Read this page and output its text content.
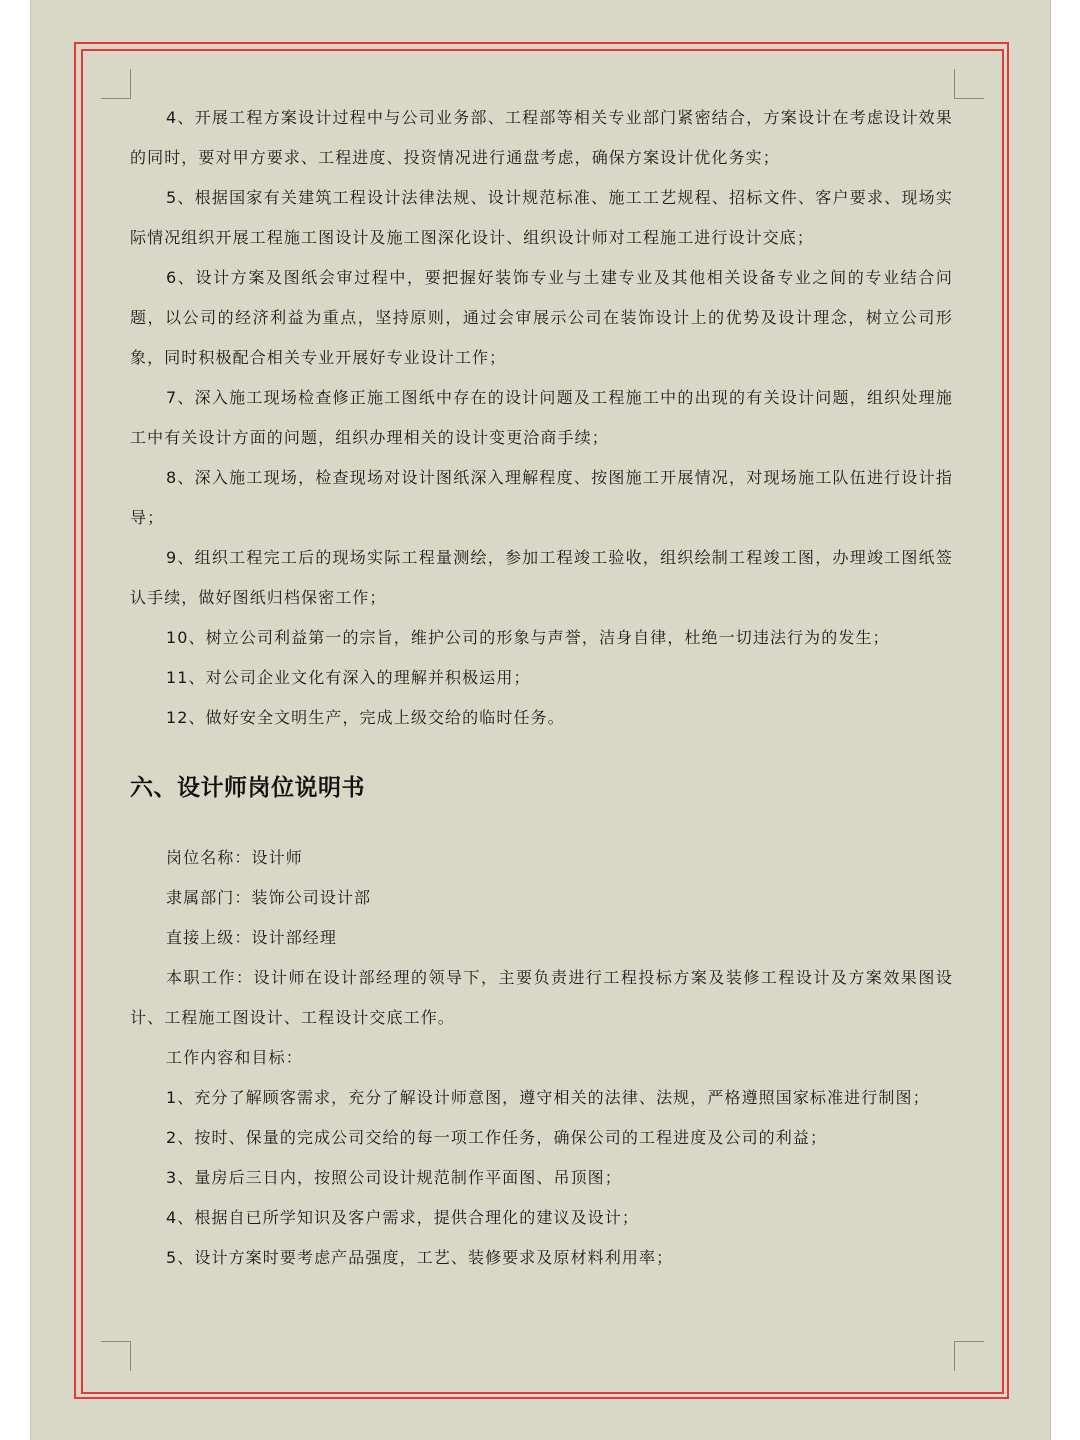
4、开展工程方案设计过程中与公司业务部、工程部等相关专业部门紧密结合，方案设计在考虑设计效果的同时，要对甲方要求、工程进度、投资情况进行通盘考虑，确保方案设计优化务实；

5、根据国家有关建筑工程设计法律法规、设计规范标准、施工工艺规程、招标文件、客户要求、现场实际情况组织开展工程施工图设计及施工图深化设计、组织设计师对工程施工进行设计交底；

6、设计方案及图纸会审过程中，要把握好装饰专业与土建专业及其他相关设备专业之间的专业结合问题，以公司的经济利益为重点，坚持原则，通过会审展示公司在装饰设计上的优势及设计理念，树立公司形象，同时积极配合相关专业开展好专业设计工作；

7、深入施工现场检查修正施工图纸中存在的设计问题及工程施工中的出现的有关设计问题，组织处理施工中有关设计方面的问题，组织办理相关的设计变更洽商手续；

8、深入施工现场，检查现场对设计图纸深入理解程度、按图施工开展情况，对现场施工队伍进行设计指导；

9、组织工程完工后的现场实际工程量测绘，参加工程竣工验收，组织绘制工程竣工图，办理竣工图纸签认手续，做好图纸归档保密工作；

10、树立公司利益第一的宗旨，维护公司的形象与声誉，洁身自律，杜绝一切违法行为的发生；

11、对公司企业文化有深入的理解并积极运用；

12、做好安全文明生产，完成上级交给的临时任务。

六、设计师岗位说明书

岗位名称：设计师

隶属部门：装饰公司设计部

直接上级：设计部经理

本职工作：设计师在设计部经理的领导下，主要负责进行工程投标方案及装修工程设计及方案效果图设计、工程施工图设计、工程设计交底工作。

工作内容和目标：

1、充分了解顾客需求，充分了解设计师意图，遵守相关的法律、法规，严格遵照国家标准进行制图；

2、按时、保量的完成公司交给的每一项工作任务，确保公司的工程进度及公司的利益；

3、量房后三日内，按照公司设计规范制作平面图、吊顶图；

4、根据自已所学知识及客户需求，提供合理化的建议及设计；

5、设计方案时要考虑产品强度，工艺、装修要求及原材料利用率；
